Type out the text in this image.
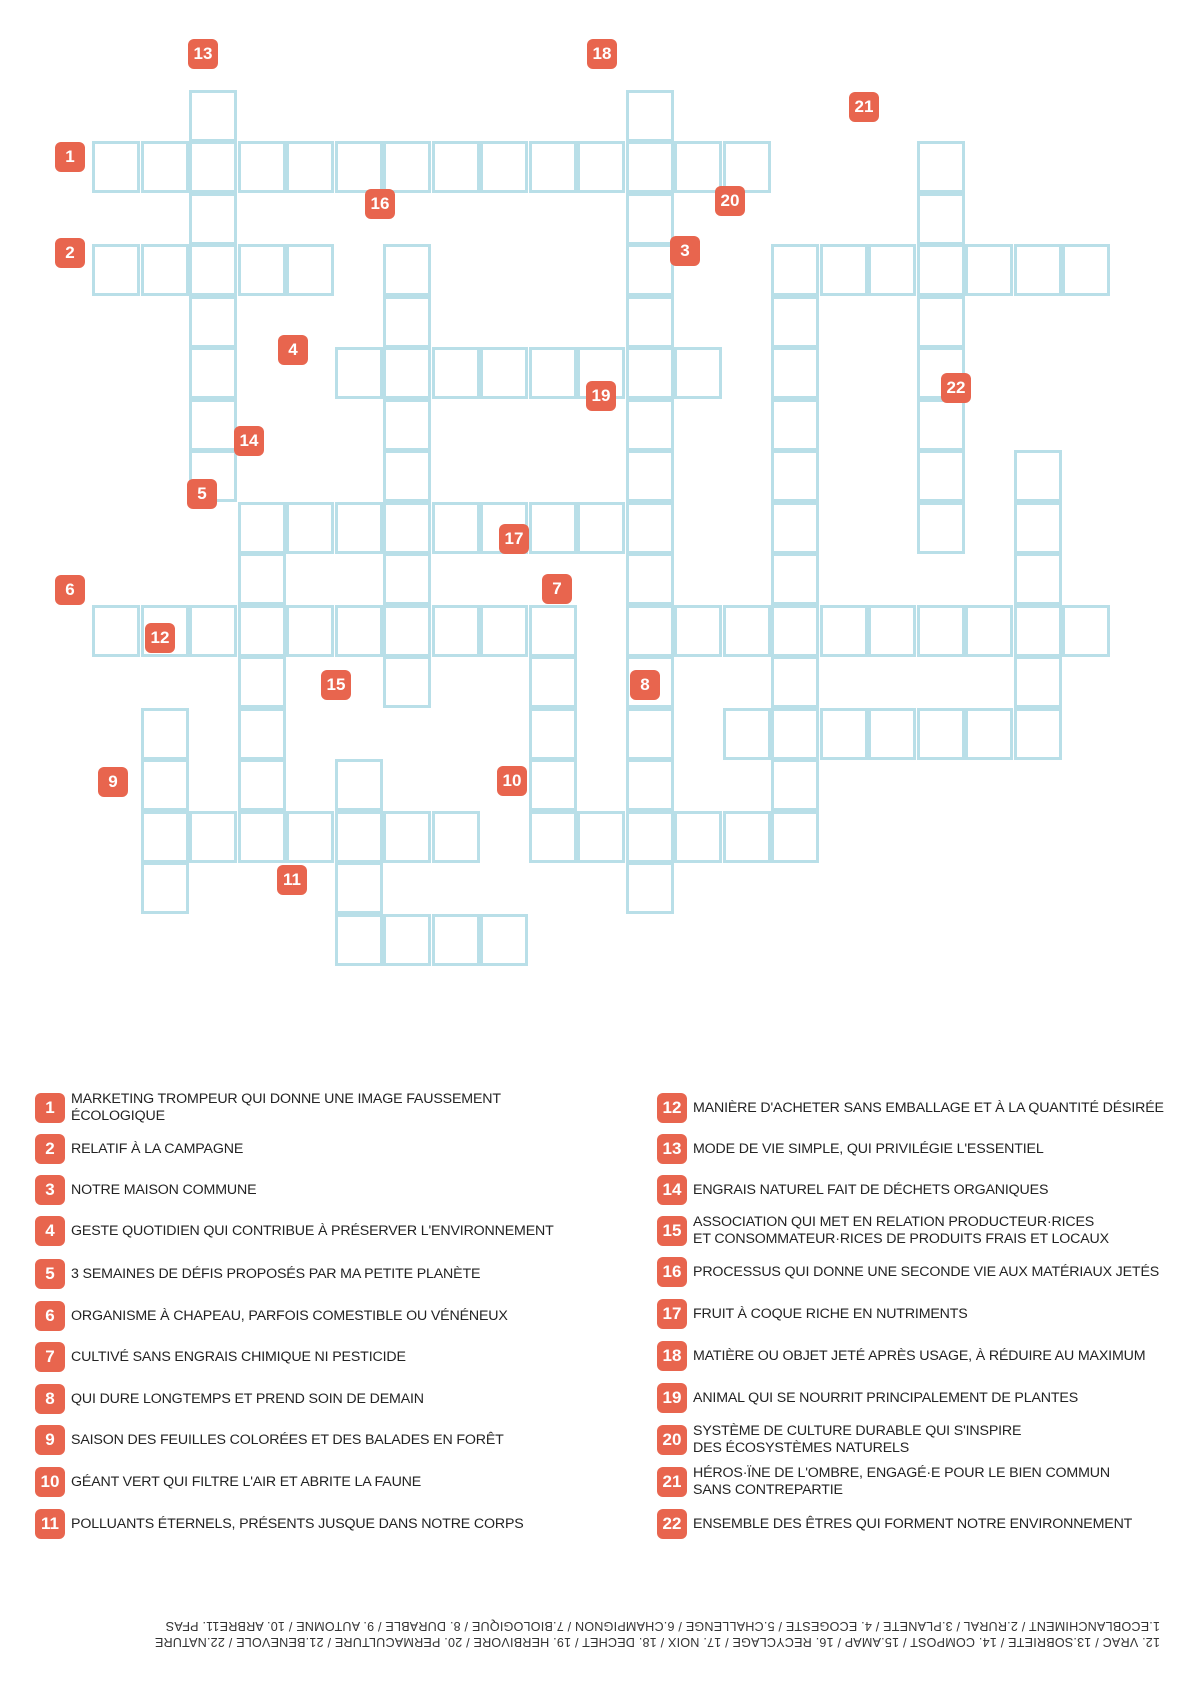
1
2	3
4
5
6	7
8
9	10
11
12
13
14
15
16
17
18
19
20
21
22
1	MARKETING TROMPEUR QUI DONNE UNE IMAGE FAUSSEMENT ÉCOLOGIQUE
2	RELATIF À LA CAMPAGNE
3	NOTRE MAISON COMMUNE
4	GESTE QUOTIDIEN QUI CONTRIBUE À PRÉSERVER L'ENVIRONNEMENT
5	3 SEMAINES DE DÉFIS PROPOSÉS PAR MA PETITE PLANÈTE
6	ORGANISME À CHAPEAU, PARFOIS COMESTIBLE OU VÉNÉNEUX
7	CULTIVÉ SANS ENGRAIS CHIMIQUE NI PESTICIDE
8	QUI DURE LONGTEMPS ET PREND SOIN DE DEMAIN
9	SAISON DES FEUILLES COLORÉES ET DES BALADES EN FORÊT
10 GÉANT VERT QUI FILTRE L'AIR ET ABRITE LA FAUNE
11 POLLUANTS ÉTERNELS, PRÉSENTS JUSQUE DANS NOTRE CORPS
12 MANIÈRE D'ACHETER SANS EMBALLAGE ET À LA QUANTITÉ DÉSIRÉE
13 MODE DE VIE SIMPLE, QUI PRIVILÉGIE L'ESSENTIEL
14 ENGRAIS NATUREL FAIT DE DÉCHETS ORGANIQUES
15 ASSOCIATION QUI MET EN RELATION PRODUCTEUR·RICES
ET CONSOMMATEUR·RICES DE PRODUITS FRAIS ET LOCAUX
16 PROCESSUS QUI DONNE UNE SECONDE VIE AUX MATÉRIAUX JETÉS
17 FRUIT À COQUE RICHE EN NUTRIMENTS
18 MATIÈRE OU OBJET JETÉ APRÈS USAGE, À RÉDUIRE AU MAXIMUM
19 ANIMAL QUI SE NOURRIT PRINCIPALEMENT DE PLANTES
20 SYSTÈME DE CULTURE DURABLE QUI S'INSPIRE
DES ÉCOSYSTÈMES NATURELS
21 HÉROS·ÏNE DE L'OMBRE, ENGAGÉ·E POUR LE BIEN COMMUN
SANS CONTREPARTIE
22 ENSEMBLE DES ÊTRES QUI FORMENT NOTRE ENVIRONNEMENT
12. VRAC / 13.SOBRIETE / 14. COMPOST / 15.AMAP / 16. RECYCLAGE / 17. NOIX / 18. DECHET / 19. HERBIVORE / 20. PERMACULTURE / 21.BENEVOLE / 22.NATURE
1.ECOBLANCHIMENT / 2.RURAL / 3.PLANETE / 4. ECOGESTE / 5.CHALLENGE / 6.CHAMPIGNON / 7.BIOLOGIQUE / 8. DURABLE / 9. AUTOMNE / 10. ARBRE11. PFAS
